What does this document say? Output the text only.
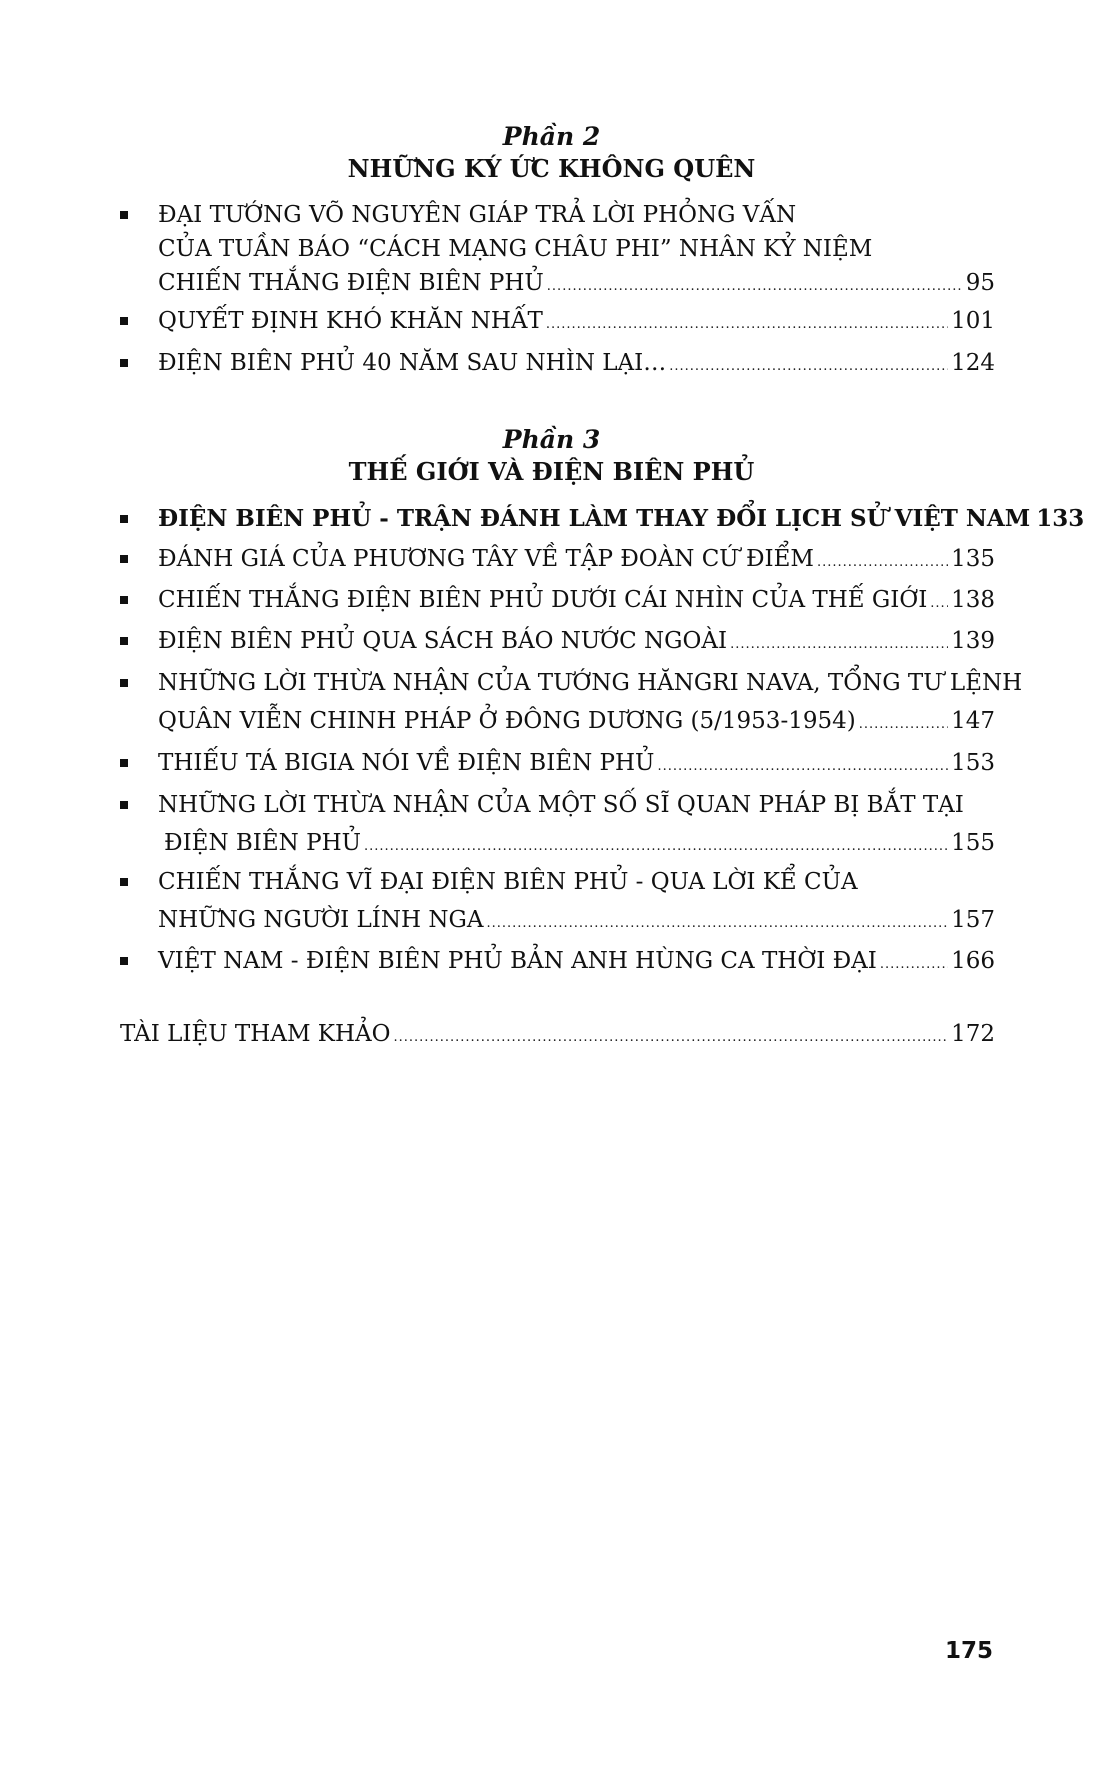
Phần 2
NHỮNG KÝ ỨC KHÔNG QUÊN
ĐẠI TƯỚNG VÕ NGUYÊN GIÁP TRẢ LỜI PHỎNG VẤN
CỦA TUẦN BÁO “CÁCH MẠNG CHÂU PHI” NHÂN KỶ NIỆM
CHIẾN THẮNG ĐIỆN BIÊN PHỦ .....	95
QUYẾT ĐỊNH KHÓ KHĂN NHẤT .....	101
ĐIỆN BIÊN PHỦ 40 NĂM SAU NHÌN LẠI… .....	124
Phần 3
THẾ GIỚI VÀ ĐIỆN BIÊN PHỦ
ĐIỆN BIÊN PHỦ - TRẬN ĐÁNH LÀM THAY ĐỔI LỊCH SỬ VIỆT NAM 133
ĐÁNH GIÁ CỦA PHƯƠNG TÂY VỀ TẬP ĐOÀN CỨ ĐIỂM .....	135
CHIẾN THẮNG ĐIỆN BIÊN PHỦ DƯỚI CÁI NHÌN CỦA THẾ GIỚI ..... 138
ĐIỆN BIÊN PHỦ QUA SÁCH BÁO NƯỚC NGOÀI .....	139
NHỮNG LỜI THỪA NHẬN CỦA TƯỚNG HĂNGRI NAVA, TỔNG TƯ LỆNH
QUÂN VIỄN CHINH PHÁP Ở ĐÔNG DƯƠNG (5/1953-1954) .....	147
THIẾU TÁ BIGIA NÓI VỀ ĐIỆN BIÊN PHỦ .....	153
NHỮNG LỜI THỪA NHẬN CỦA MỘT SỐ SĨ QUAN PHÁP BỊ BẮT TẠI
ĐIỆN BIÊN PHỦ .....	155
CHIẾN THẮNG VĨ ĐẠI ĐIỆN BIÊN PHỦ - QUA LỜI KỂ CỦA
NHỮNG NGƯỜI LÍNH NGA .....	157
VIỆT NAM - ĐIỆN BIÊN PHỦ BẢN ANH HÙNG CA THỜI ĐẠI .....	166
TÀI LIỆU THAM KHẢO .....	172
175
